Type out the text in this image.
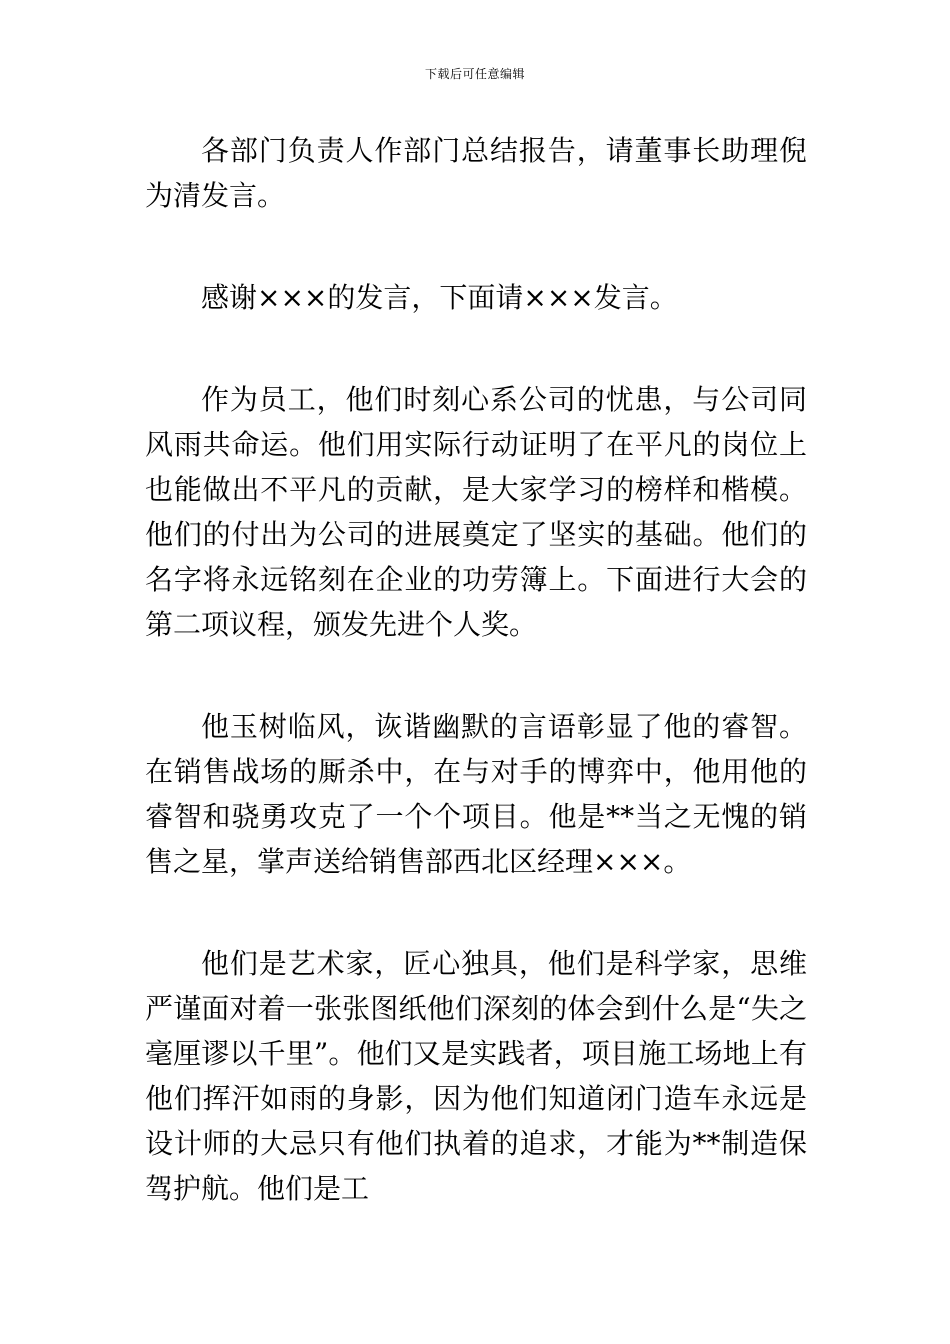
下载后可任意编辑

各部门负责人作部门总结报告，请董事长助理倪为清发言。

感谢×××的发言，下面请×××发言。

作为员工，他们时刻心系公司的忧患，与公司同风雨共命运。他们用实际行动证明了在平凡的岗位上也能做出不平凡的贡献，是大家学习的榜样和楷模。他们的付出为公司的进展奠定了坚实的基础。他们的名字将永远铭刻在企业的功劳簿上。下面进行大会的第二项议程，颁发先进个人奖。

他玉树临风，诙谐幽默的言语彰显了他的睿智。在销售战场的厮杀中，在与对手的博弈中，他用他的睿智和骁勇攻克了一个个项目。他是**当之无愧的销售之星，掌声送给销售部西北区经理×××。

他们是艺术家，匠心独具，他们是科学家，思维严谨面对着一张张图纸他们深刻的体会到什么是“失之毫厘谬以千里”。他们又是实践者，项目施工场地上有他们挥汗如雨的身影，因为他们知道闭门造车永远是设计师的大忌只有他们执着的追求，才能为**制造保驾护航。他们是工
